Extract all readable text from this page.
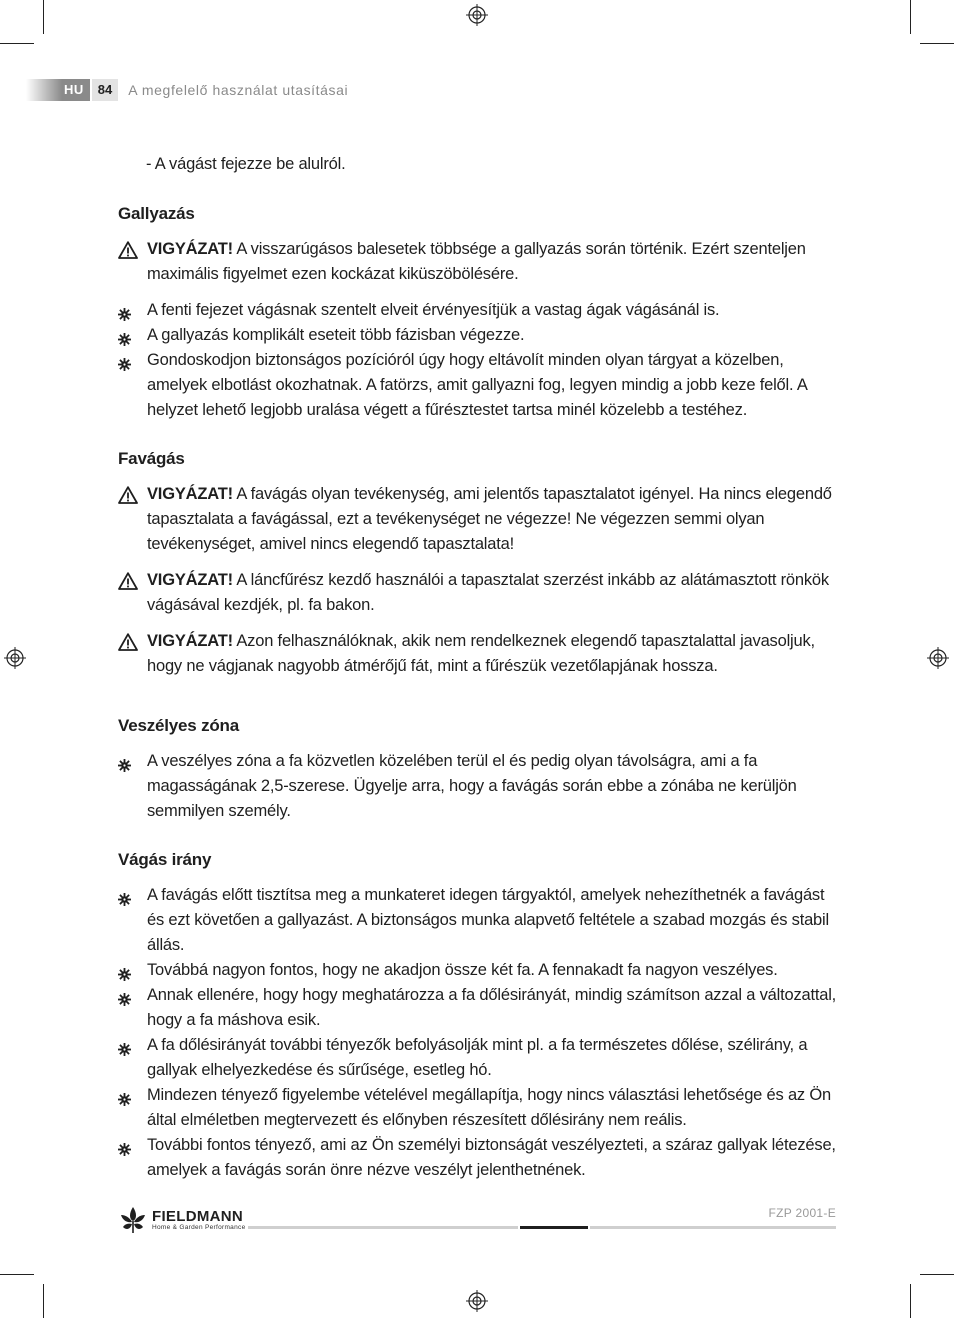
HU	84	A megfelelő használat utasításai

- A vágást fejezze be alulról.

Gallyazás
VIGYÁZAT! A visszarúgásos balesetek többsége a gallyazás során történik. Ezért szenteljen maximális figyelmet ezen kockázat kiküszöbölésére.
A fenti fejezet vágásnak szentelt elveit érvényesítjük a vastag ágak vágásánál is.
A gallyazás komplikált eseteit több fázisban végezze.
Gondoskodjon biztonságos pozícióról úgy hogy eltávolít minden olyan tárgyat a közelben, amelyek elbotlást okozhatnak. A fatörzs, amit gallyazni fog, legyen mindig a jobb keze felől. A helyzet lehető legjobb uralása végett a fűrésztestet tartsa minél közelebb a testéhez.
Favágás
VIGYÁZAT! A favágás olyan tevékenység, ami jelentős tapasztalatot igényel. Ha nincs elegendő tapasztalata a favágással, ezt a tevékenységet ne végezze! Ne végezzen semmi olyan tevékenységet, amivel nincs elegendő tapasztalata!
VIGYÁZAT! A láncfűrész kezdő használói a tapasztalat szerzést inkább az alátámasztott rönkök vágásával kezdjék, pl. fa bakon.
VIGYÁZAT! Azon felhasználóknak, akik nem rendelkeznek elegendő tapasztalattal javasoljuk, hogy ne vágjanak nagyobb átmérőjű fát, mint a fűrészük vezetőlapjának hossza.
Veszélyes zóna
A veszélyes zóna a fa közvetlen közelében terül el és pedig olyan távolságra, ami a fa magasságának 2,5-szerese. Ügyelje arra, hogy a favágás során ebbe a zónába ne kerüljön semmilyen személy.
Vágás irány
A favágás előtt tisztítsa meg a munkateret idegen tárgyaktól, amelyek nehezíthetnék a favágást és ezt követően a gallyazást. A biztonságos munka alapvető feltétele a szabad mozgás és stabil állás.
Továbbá nagyon fontos, hogy ne akadjon össze két fa. A fennakadt fa nagyon veszélyes.
Annak ellenére, hogy hogy meghatározza a fa dőlésirányát, mindig számítson azzal a változattal, hogy a fa máshova esik.
A fa dőlésirányát további tényezők befolyásolják mint pl. a fa természetes dőlése, szélirány, a gallyak elhelyezkedése és sűrűsége, esetleg hó.
Mindezen tényező figyelembe vételével megállapítja, hogy nincs választási lehetősége és az Ön által elméletben megtervezett és előnyben részesített dőlésirány nem reális.
További fontos tényező, ami az Ön személyi biztonságát veszélyezteti, a száraz gallyak létezése, amelyek a favágás során önre nézve veszélyt jelenthetnének.
FIELDMANN
Home & Garden Performance
FZP 2001-E
